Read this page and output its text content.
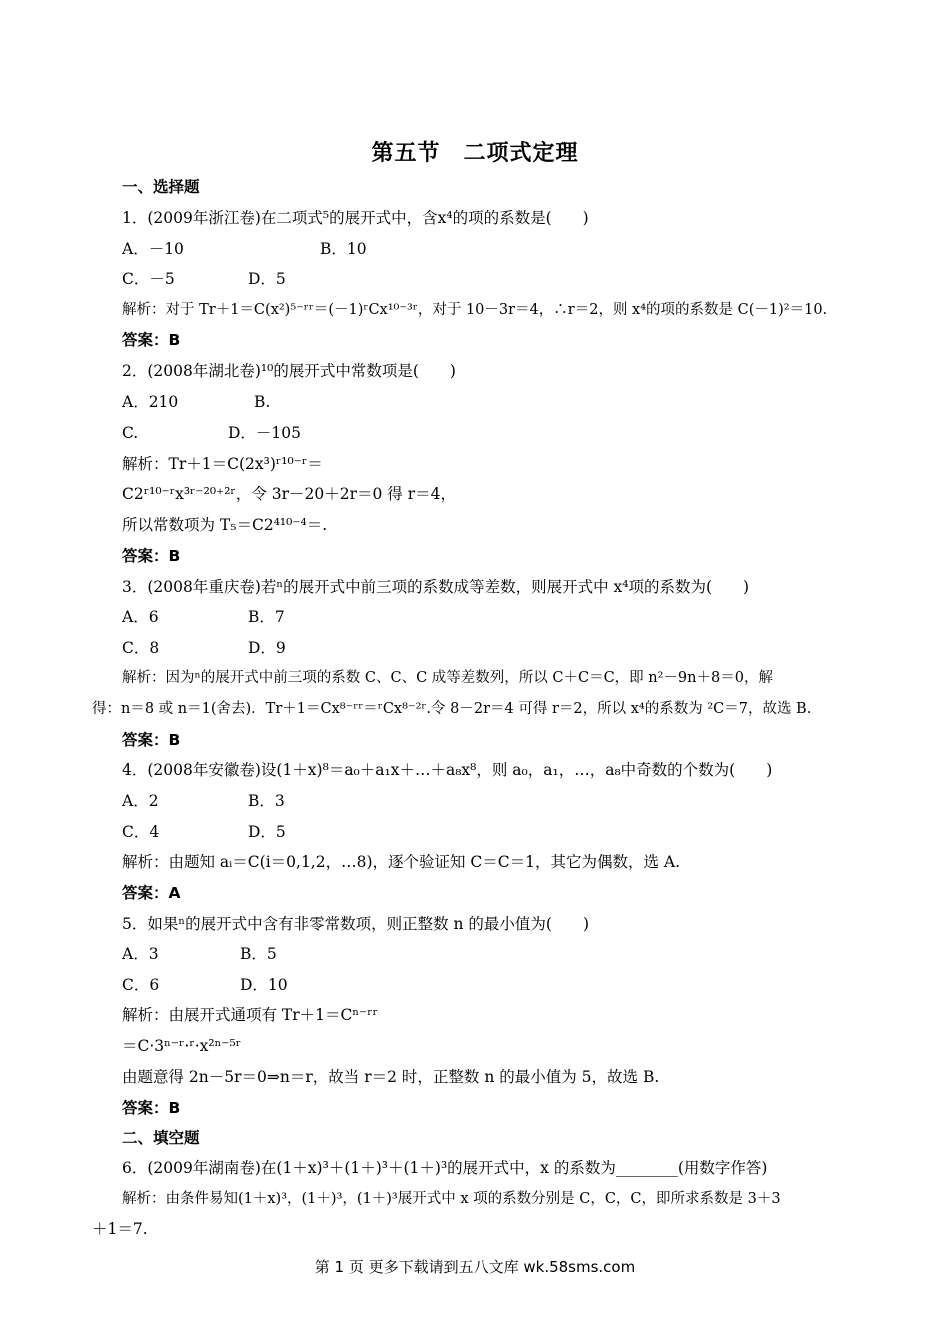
第五节　二项式定理
一、选择题
1．(2009年浙江卷)在二项式⁵的展开式中，含x⁴的项的系数是(　　)
A．－10	B．10
C．－5	D．5
解析：对于 Tr＋1＝C(x²)⁵⁻ʳʳ＝(－1)ʳCx¹⁰⁻³ʳ，对于 10－3r＝4，∴r＝2，则 x⁴的项的系数是 C(－1)²＝10.
答案：B
2．(2008年湖北卷)¹⁰的展开式中常数项是(　　)
A．210	B.
C.	D．－105
解析：Tr＋1＝C(2x³)ʳ¹⁰⁻ʳ＝
C2ʳ¹⁰⁻ʳx³ʳ⁻²⁰⁺²ʳ，令 3r－20＋2r＝0 得 r＝4，
所以常数项为 T₅＝C2⁴¹⁰⁻⁴＝.
答案：B
3．(2008年重庆卷)若ⁿ的展开式中前三项的系数成等差数，则展开式中 x⁴项的系数为(　　)
A．6	B．7
C．8	D．9
解析：因为ⁿ的展开式中前三项的系数 C、C、C 成等差数列，所以 C＋C＝C，即 n²－9n＋8＝0，解
得：n＝8 或 n＝1(舍去)．Tr＋1＝Cx⁸⁻ʳʳ＝ʳCx⁸⁻²ʳ.令 8－2r＝4 可得 r＝2，所以 x⁴的系数为 ²C＝7，故选 B.
答案：B
4．(2008年安徽卷)设(1＋x)⁸＝a₀＋a₁x＋…＋a₈x⁸，则 a₀，a₁，…，a₈中奇数的个数为(　　)
A．2	B．3
C．4	D．5
解析：由题知 aᵢ＝C(i＝0,1,2，…8)，逐个验证知 C＝C＝1，其它为偶数，选 A.
答案：A
5．如果ⁿ的展开式中含有非零常数项，则正整数 n 的最小值为(　　)
A．3	B．5
C．6	D．10
解析：由展开式通项有 Tr＋1＝Cⁿ⁻ʳʳ
＝C·3ⁿ⁻ʳ·ʳ·x²ⁿ⁻⁵ʳ
由题意得 2n－5r＝0⇒n＝r，故当 r＝2 时，正整数 n 的最小值为 5，故选 B.
答案：B
二、填空题
6．(2009年湖南卷)在(1＋x)³＋(1＋)³＋(1＋)³的展开式中，x 的系数为________(用数字作答)
解析：由条件易知(1＋x)³，(1＋)³，(1＋)³展开式中 x 项的系数分别是 C，C，C，即所求系数是 3＋3
＋1＝7.
第 1 页 更多下载请到五八文库 wk.58sms.com
